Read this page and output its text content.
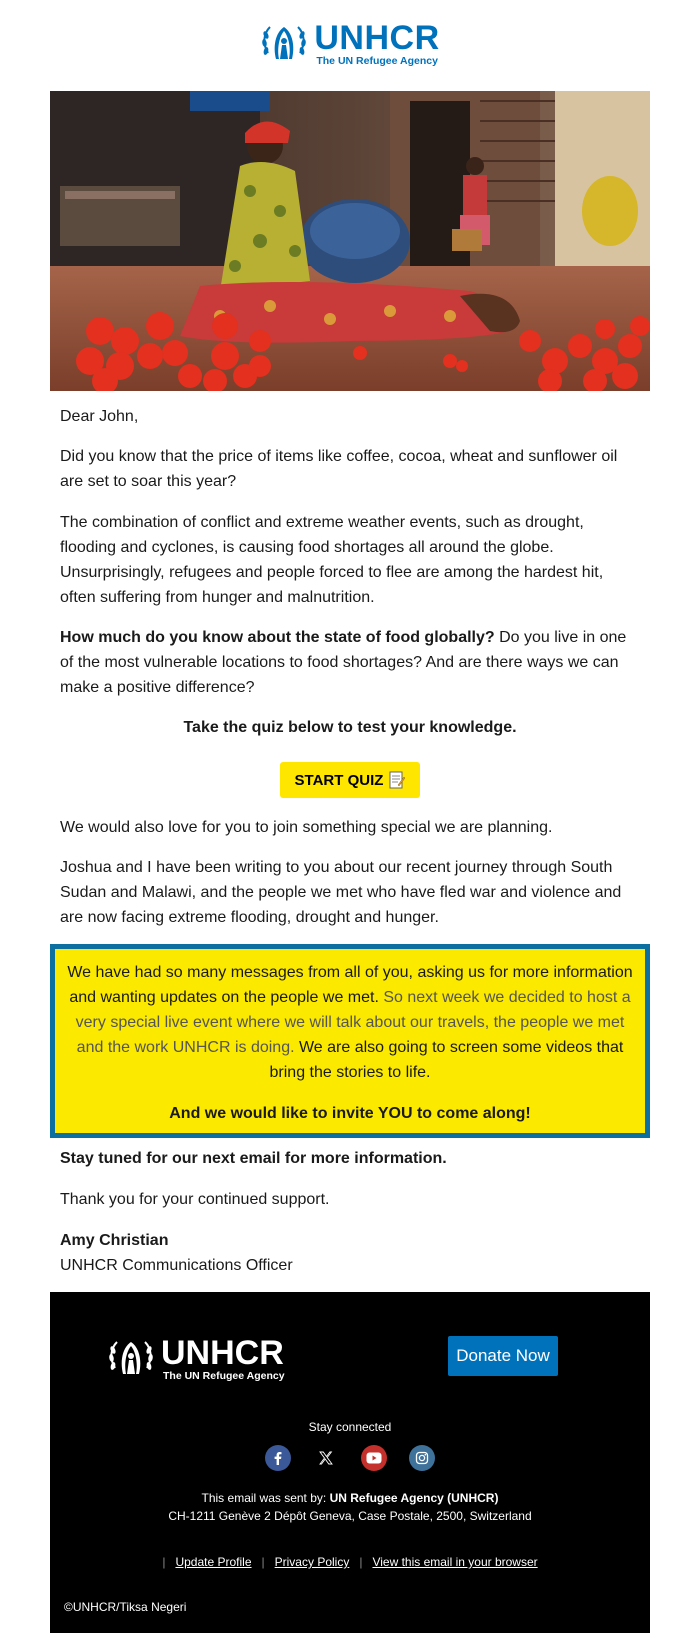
UNHCR
The UN Refugee Agency
Dear John,
Did you know that the price of items like coffee, cocoa, wheat and sunflower oil are set to soar this year?
The combination of conflict and extreme weather events, such as drought, flooding and cyclones, is causing food shortages all around the globe. Unsurprisingly, refugees and people forced to flee are among the hardest hit, often suffering from hunger and malnutrition.
How much do you know about the state of food globally? Do you live in one of the most vulnerable locations to food shortages? And are there ways we can make a positive difference?
Take the quiz below to test your knowledge.
START QUIZ
We would also love for you to join something special we are planning.
Joshua and I have been writing to you about our recent journey through South Sudan and Malawi, and the people we met who have fled war and violence and are now facing extreme flooding, drought and hunger.
We have had so many messages from all of you, asking us for more information and wanting updates on the people we met. So next week we decided to host a very special live event where we will talk about our travels, the people we met and the work UNHCR is doing. We are also going to screen some videos that bring the stories to life.
And we would like to invite YOU to come along!
Stay tuned for our next email for more information.
Thank you for your continued support.
Amy Christian
UNHCR Communications Officer
UNHCR
The UN Refugee Agency
Donate Now
Stay connected
This email was sent by: UN Refugee Agency (UNHCR)
CH-1211 Genève 2 Dépôt Geneva, Case Postale, 2500, Switzerland
| Update Profile | Privacy Policy | View this email in your browser
©UNHCR/Tiksa Negeri
